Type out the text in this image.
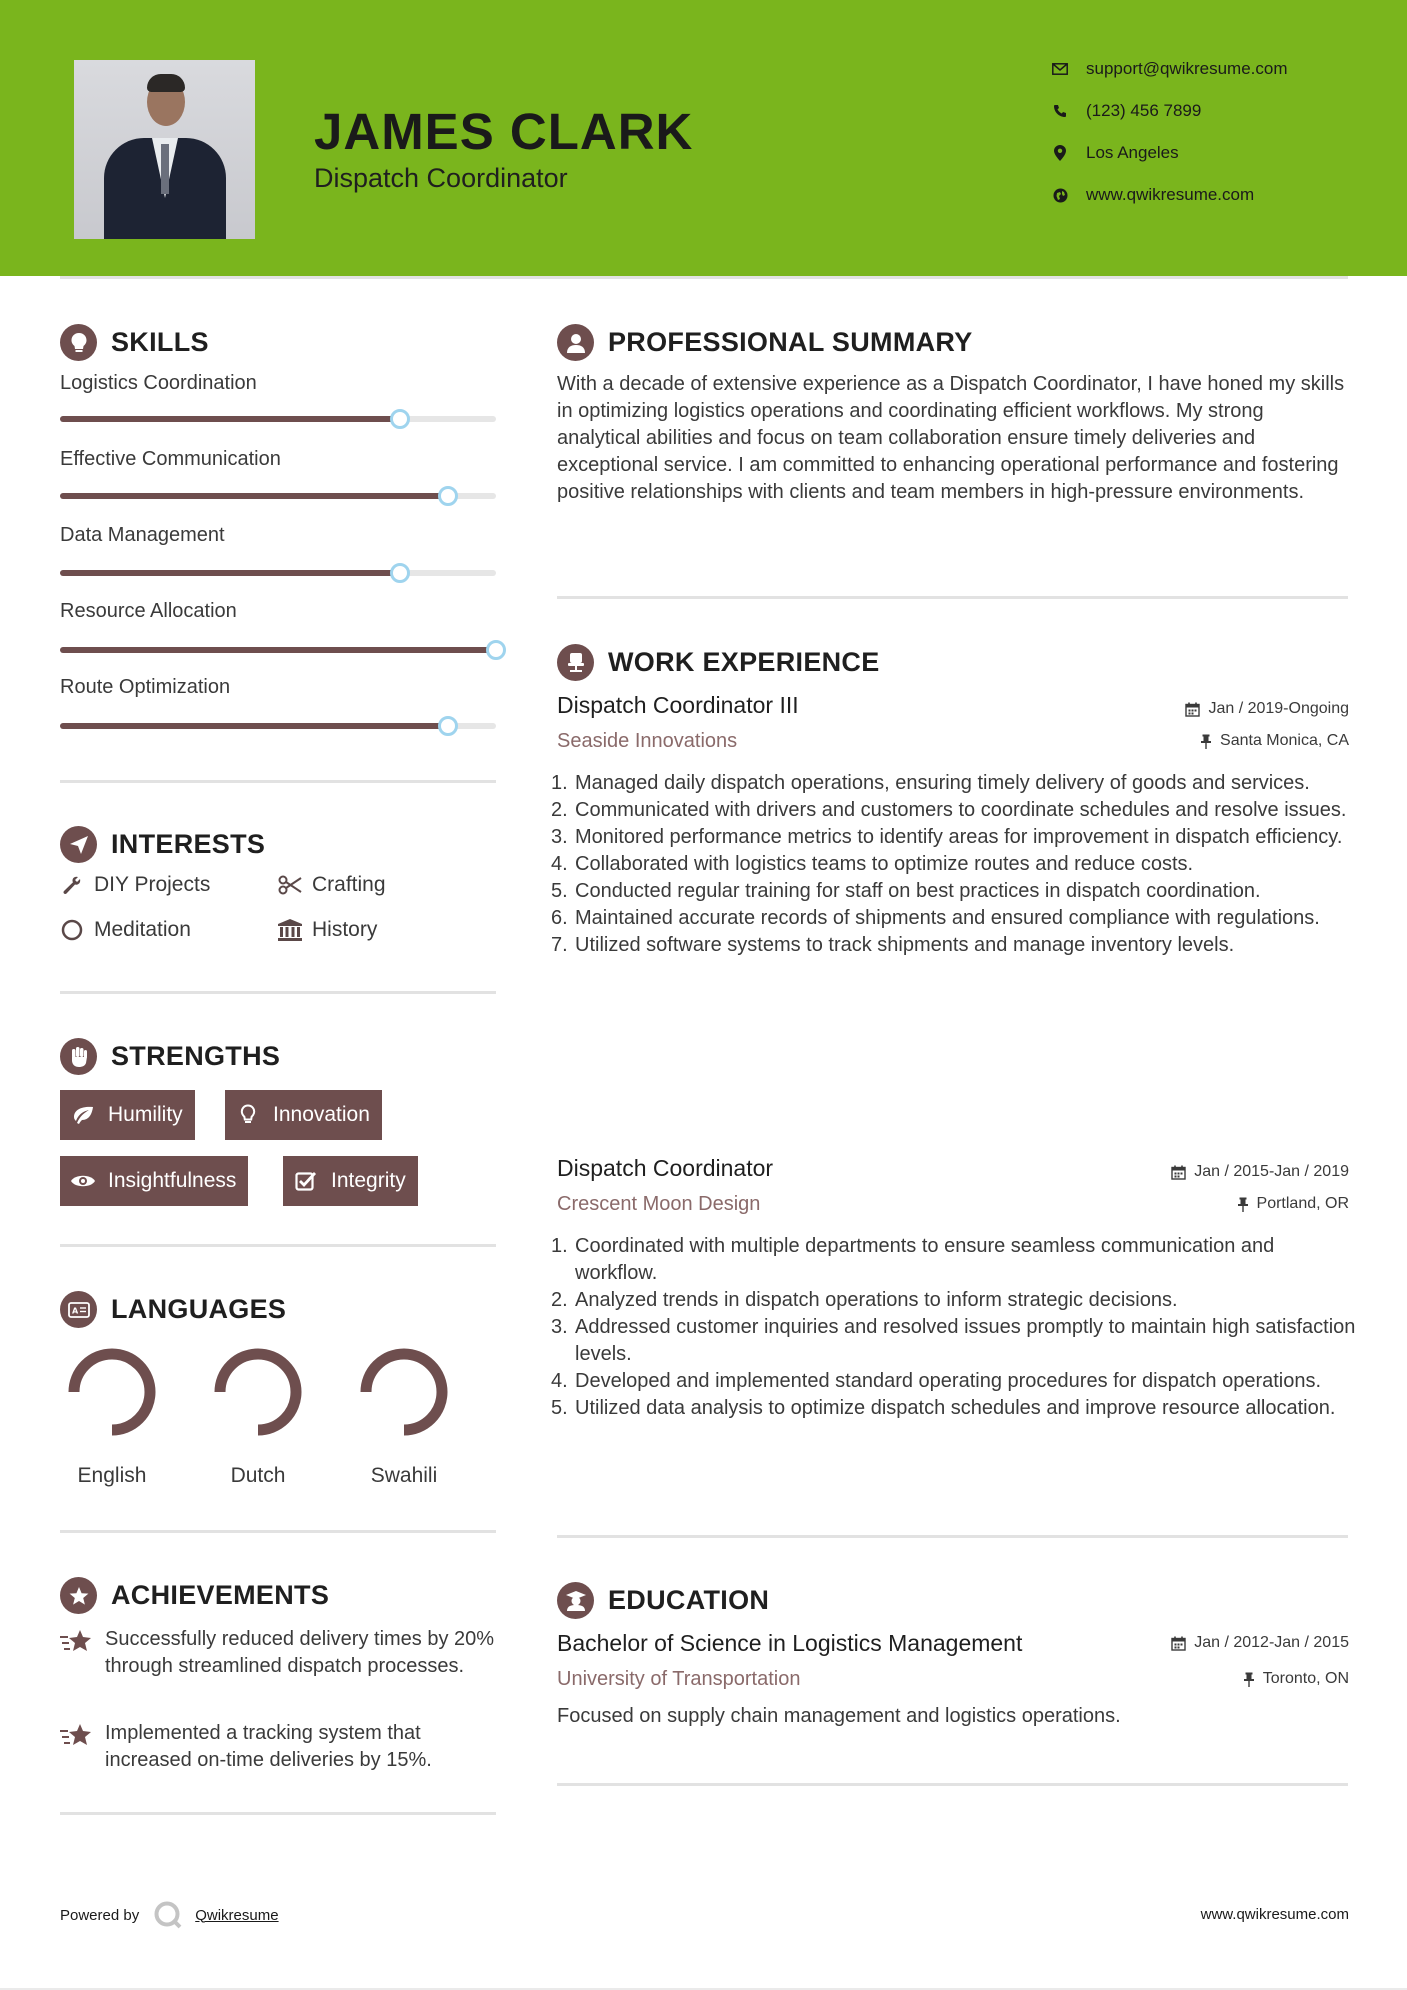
JAMES CLARK
Dispatch Coordinator
support@qwikresume.com
(123) 456 7899
Los Angeles
www.qwikresume.com
SKILLS
Logistics Coordination
Effective Communication
Data Management
Resource Allocation
Route Optimization
INTERESTS
DIY Projects	Crafting
Meditation	History
STRENGTHS
Humility	Innovation
Insightfulness	Integrity
A LANGUAGES
English	Dutch	Swahili
ACHIEVEMENTS
Successfully reduced delivery times by 20% through streamlined dispatch processes.
Implemented a tracking system that increased on-time deliveries by 15%.
PROFESSIONAL SUMMARY
With a decade of extensive experience as a Dispatch Coordinator, I have honed my skills in optimizing logistics operations and coordinating efficient workflows. My strong analytical abilities and focus on team collaboration ensure timely deliveries and exceptional service. I am committed to enhancing operational performance and fostering positive relationships with clients and team members in high-pressure environments.
WORK EXPERIENCE
Dispatch Coordinator III	Jan / 2019-Ongoing
Seaside Innovations	Santa Monica, CA
1. Managed daily dispatch operations, ensuring timely delivery of goods and services.
2. Communicated with drivers and customers to coordinate schedules and resolve issues.
3. Monitored performance metrics to identify areas for improvement in dispatch efficiency.
4. Collaborated with logistics teams to optimize routes and reduce costs.
5. Conducted regular training for staff on best practices in dispatch coordination.
6. Maintained accurate records of shipments and ensured compliance with regulations.
7. Utilized software systems to track shipments and manage inventory levels.
Dispatch Coordinator	Jan / 2015-Jan / 2019
Crescent Moon Design	Portland, OR
1. Coordinated with multiple departments to ensure seamless communication and workflow.
2. Analyzed trends in dispatch operations to inform strategic decisions.
3. Addressed customer inquiries and resolved issues promptly to maintain high satisfaction levels.
4. Developed and implemented standard operating procedures for dispatch operations.
5. Utilized data analysis to optimize dispatch schedules and improve resource allocation.
EDUCATION
Bachelor of Science in Logistics Management	Jan / 2012-Jan / 2015
University of Transportation	Toronto, ON
Focused on supply chain management and logistics operations.
Powered by	Qwikresume	www.qwikresume.com
